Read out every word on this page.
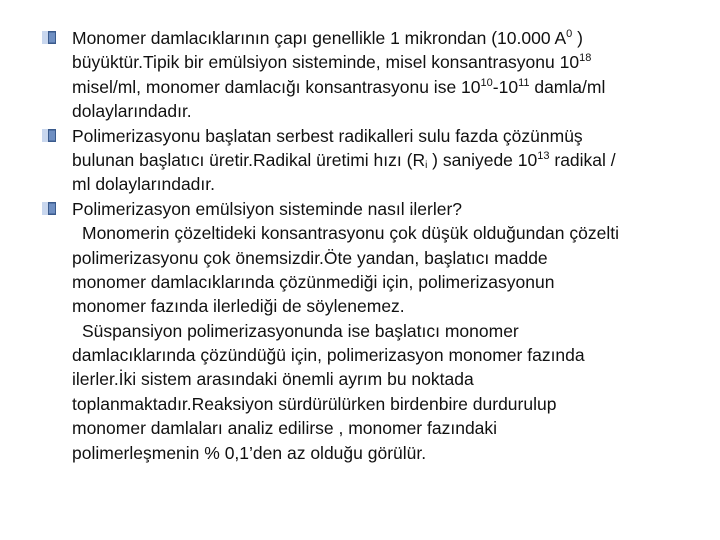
Monomer damlacıklarının çapı genellikle 1 mikrondan (10.000 $A^0$ )
büyüktür.Tipik bir emülsiyon sisteminde, misel konsantrasyonu $10^{18}$
misel/ml, monomer damlacığı konsantrasyonu ise $10^{10}-10^{11}$ damla/ml
dolaylarındadır.
Polimerizasyonu başlatan serbest radikalleri sulu fazda çözünmüş
bulunan başlatıcı üretir.Radikal üretimi hızı ($R_i$ ) saniyede $10^{13}$ radikal /
ml dolaylarındadır.
Polimerizasyon emülsiyon sisteminde nasıl ilerler?
Monomerin çözeltideki konsantrasyonu çok düşük olduğundan çözelti
polimerizasyonu çok önemsizdir.Öte yandan, başlatıcı madde
monomer damlacıklarında çözünmediği için, polimerizasyonun
monomer fazında ilerlediği de söylenemez.
Süspansiyon polimerizasyonunda ise başlatıcı monomer
damlacıklarında çözündüğü için, polimerizasyon monomer fazında
ilerler.İki sistem arasındaki önemli ayrım bu noktada
toplanmaktadır.Reaksiyon sürdürülürken birdenbire durdurulup
monomer damlaları analiz edilirse , monomer fazındaki
polimerleşmenin % 0,1’den az olduğu görülür.
